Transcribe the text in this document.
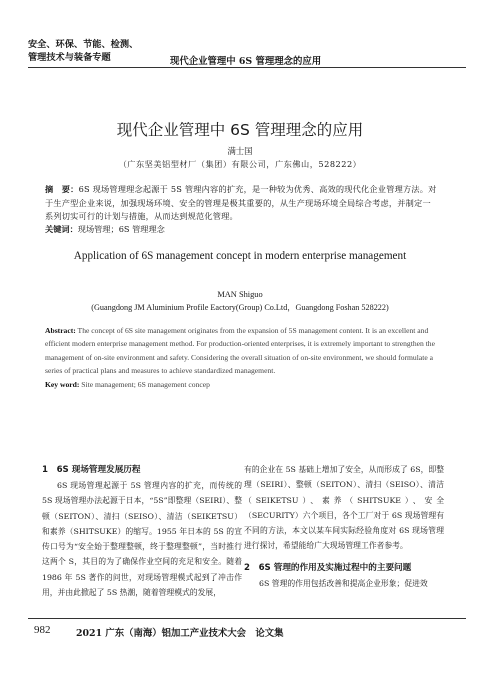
安全、环保、节能、检测、
管理技术与装备专题	现代企业管理中 6S 管理理念的应用
现代企业管理中 6S 管理理念的应用
满士国
（广东坚美铝型材厂（集团）有限公司，广东佛山，528222）
摘　要：6S 现场管理理念起源于 5S 管理内容的扩充，是一种较为优秀、高效的现代化企业管理方法。对于生产型企业来说，加强现场环境、安全的管理是极其重要的，从生产现场环境全局综合考虑，并制定一系列切实可行的计划与措施，从而达到规范化管理。
关键词：现场管理；6S 管理理念
Application of 6S management concept in modern enterprise management
MAN Shiguo
(Guangdong JM Aluminium Profile Eactory(Group) Co.Ltd，Guangdong Foshan 528222)
Abstract: The concept of 6S site management originates from the expansion of 5S management content. It is an excellent and efficient modern enterprise management method. For production-oriented enterprises, it is extremely important to strengthen the management of on-site environment and safety. Considering the overall situation of on-site environment, we should formulate a series of practical plans and measures to achieve standardized management.
Key word: Site management; 6S management concep
1　6S 现场管理发展历程
6S 现场管理起源于 5S 管理内容的扩充，而传统的 5S 现场管理办法起源于日本，“5S”即整理（SEIRI）、整顿（SEITON）、清扫（SEISO）、清洁（SEIKETSU）和素养（SHITSUKE）的缩写。1955 年日本的 5S 的宣传口号为“安全始于整理整顿，终于整理整顿”，当时推行这两个 S，其目的为了确保作业空间的充足和安全。随着 1986 年 5S 著作的问世，对现场管理模式起到了冲击作用，并由此掀起了 5S 热潮，随着管理模式的发展，
有的企业在 5S 基础上增加了安全，从而形成了 6S，即整理（SEIRI）、整顿（SEITON）、清扫（SEISO）、清洁（SEIKETSU）、素养（SHITSUKE）、安全（SECURITY）六个项目，各个工厂对于 6S 现场管理有不同的方法，本文以某车间实际经验角度对 6S 现场管理进行探讨，希望能给广大现场管理工作者参考。
2　6S 管理的作用及实施过程中的主要问题
6S 管理的作用包括改善和提高企业形象；促进效
982	2021 广东（南海）铝加工产业技术大会　论文集
